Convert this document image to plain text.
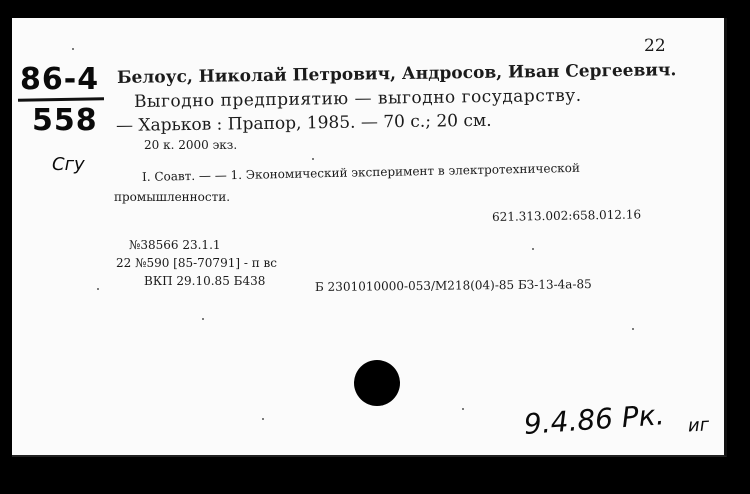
22
86-4
558
Сгу
Белоус, Николай Петрович, Андросов, Иван Сергеевич.
Выгодно предприятию — выгодно государству.
— Харьков : Прапор, 1985. — 70 с.; 20 см.
20 к. 2000 экз.
I. Соавт. — — 1. Экономический эксперимент в электротехнической
промышленности.
621.313.002:658.012.16
№38566 23.1.1
22 №590 [85-70791] - п вс
ВКП 29.10.85 Б438	Б 2301010000-053/М218(04)-85 БЗ-13-4а-85
9.4.86 Рк. иг
